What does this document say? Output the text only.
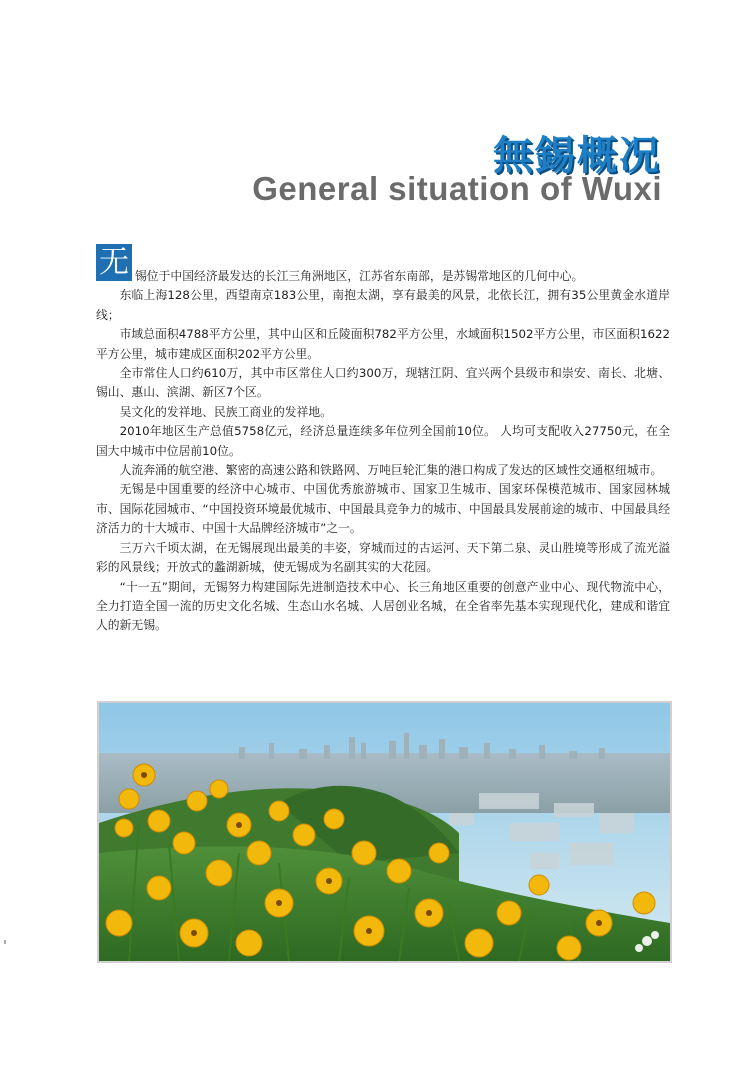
無錫概况
General situation of Wuxi
无 锡位于中国经济最发达的长江三角洲地区，江苏省东南部，是苏锡常地区的几何中心。

东临上海128公里，西望南京183公里，南抱太湖，享有最美的风景，北依长江，拥有35公里黄金水道岸线；

市域总面积4788平方公里，其中山区和丘陵面积782平方公里，水域面积1502平方公里，市区面积1622平方公里，城市建成区面积202平方公里。

全市常住人口约610万，其中市区常住人口约300万，现辖江阴、宜兴两个县级市和崇安、南长、北塘、锡山、惠山、滨湖、新区7个区。

吴文化的发祥地、民族工商业的发祥地。

2010年地区生产总值5758亿元，经济总量连续多年位列全国前10位。 人均可支配收入27750元，在全国大中城市中位居前10位。

人流奔涌的航空港、繁密的高速公路和铁路网、万吨巨轮汇集的港口构成了发达的区域性交通枢纽城市。

无锡是中国重要的经济中心城市、中国优秀旅游城市、国家卫生城市、国家环保模范城市、国家园林城市、国际花园城市、“中国投资环境最优城市、中国最具竞争力的城市、中国最具发展前途的城市、中国最具经济活力的十大城市、中国十大品牌经济城市”之一。

三万六千顷太湖，在无锡展现出最美的丰姿，穿城而过的古运河、天下第二泉、灵山胜境等形成了流光溢彩的风景线；开放式的蠡湖新城，使无锡成为名副其实的大花园。

“十一五”期间，无锡努力构建国际先进制造技术中心、长三角地区重要的创意产业中心、现代物流中心，全力打造全国一流的历史文化名城、生态山水名城、人居创业名城，在全省率先基本实现现代化，建成和谐宜人的新无锡。
